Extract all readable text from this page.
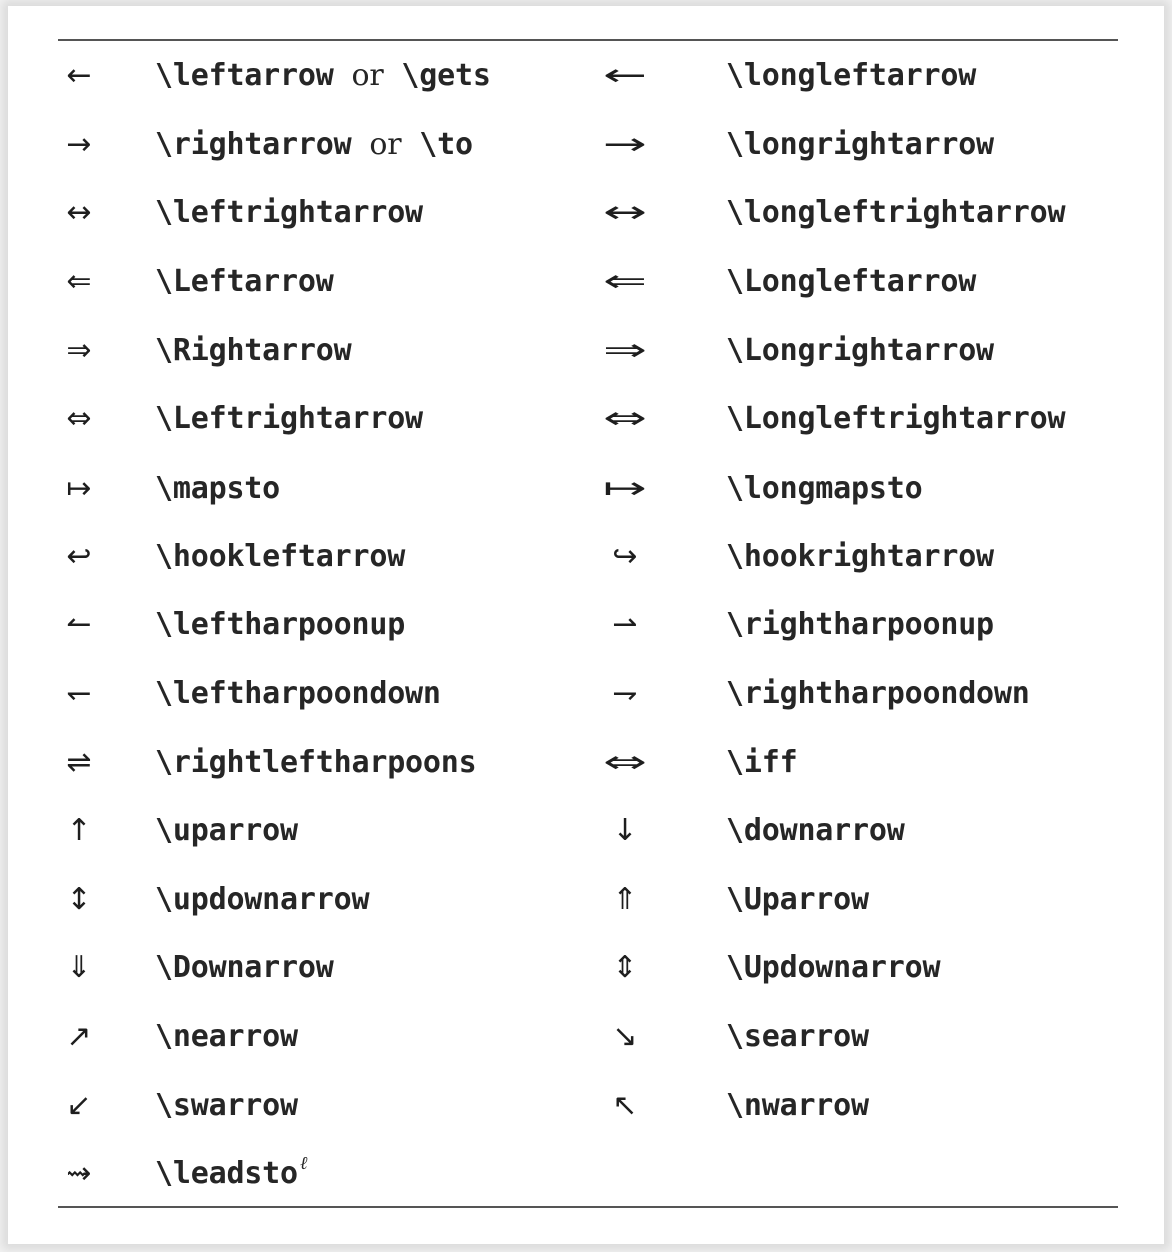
←	\leftarrow or \gets	←	\longleftarrow
→	\rightarrow or \to	→	\longrightarrow
↔	\leftrightarrow	↔	\longleftrightarrow
⇐	\Leftarrow	⇐	\Longleftarrow
⇒	\Rightarrow	⇒	\Longrightarrow
⇔	\Leftrightarrow	⇔	\Longleftrightarrow
↦	\mapsto	↦	\longmapsto
↩	\hookleftarrow	↪	\hookrightarrow
↼	\leftharpoonup	⇀	\rightharpoonup
↽	\leftharpoondown	⇁	\rightharpoondown
⇌	\rightleftharpoons	⇔	\iff
↑	\uparrow	↓	\downarrow
↕	\updownarrow	⇑	\Uparrow
⇓	\Downarrow	⇕	\Updownarrow
↗	\nearrow	↘	\searrow
↙	\swarrow	↖	\nwarrow
⇝	\leadsto $^\ell$
